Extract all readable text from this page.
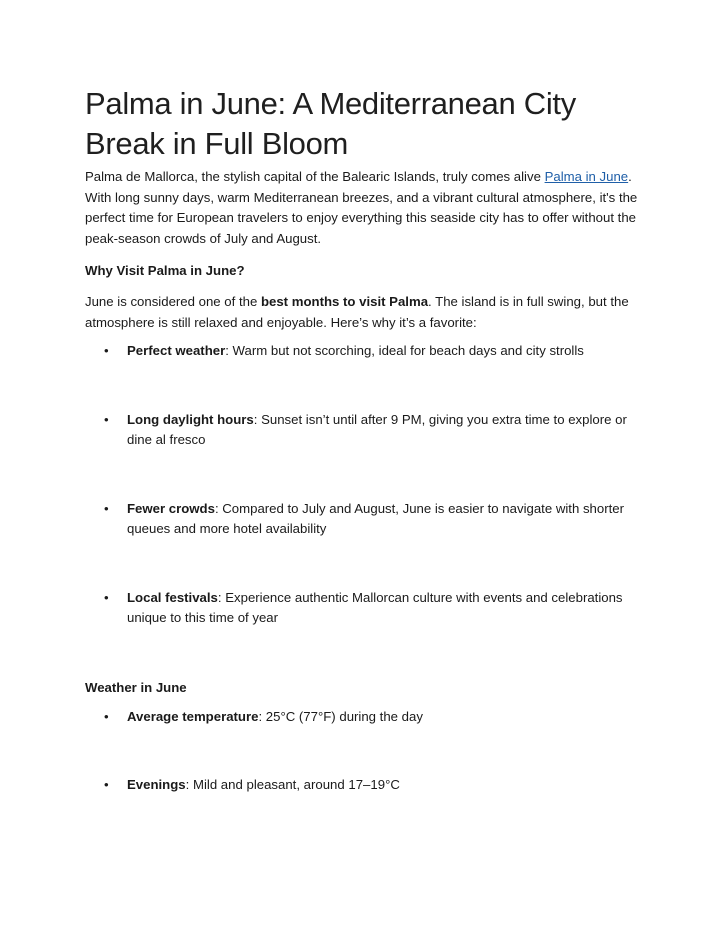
Palma in June: A Mediterranean City Break in Full Bloom

Palma de Mallorca, the stylish capital of the Balearic Islands, truly comes alive Palma in June. With long sunny days, warm Mediterranean breezes, and a vibrant cultural atmosphere, it's the perfect time for European travelers to enjoy everything this seaside city has to offer without the peak-season crowds of July and August.

Why Visit Palma in June?

June is considered one of the best months to visit Palma. The island is in full swing, but the atmosphere is still relaxed and enjoyable. Here’s why it’s a favorite:

• Perfect weather: Warm but not scorching, ideal for beach days and city strolls
• Long daylight hours: Sunset isn’t until after 9 PM, giving you extra time to explore or dine al fresco
• Fewer crowds: Compared to July and August, June is easier to navigate with shorter queues and more hotel availability
• Local festivals: Experience authentic Mallorcan culture with events and celebrations unique to this time of year
Weather in June
• Average temperature: 25°C (77°F) during the day
• Evenings: Mild and pleasant, around 17–19°C
